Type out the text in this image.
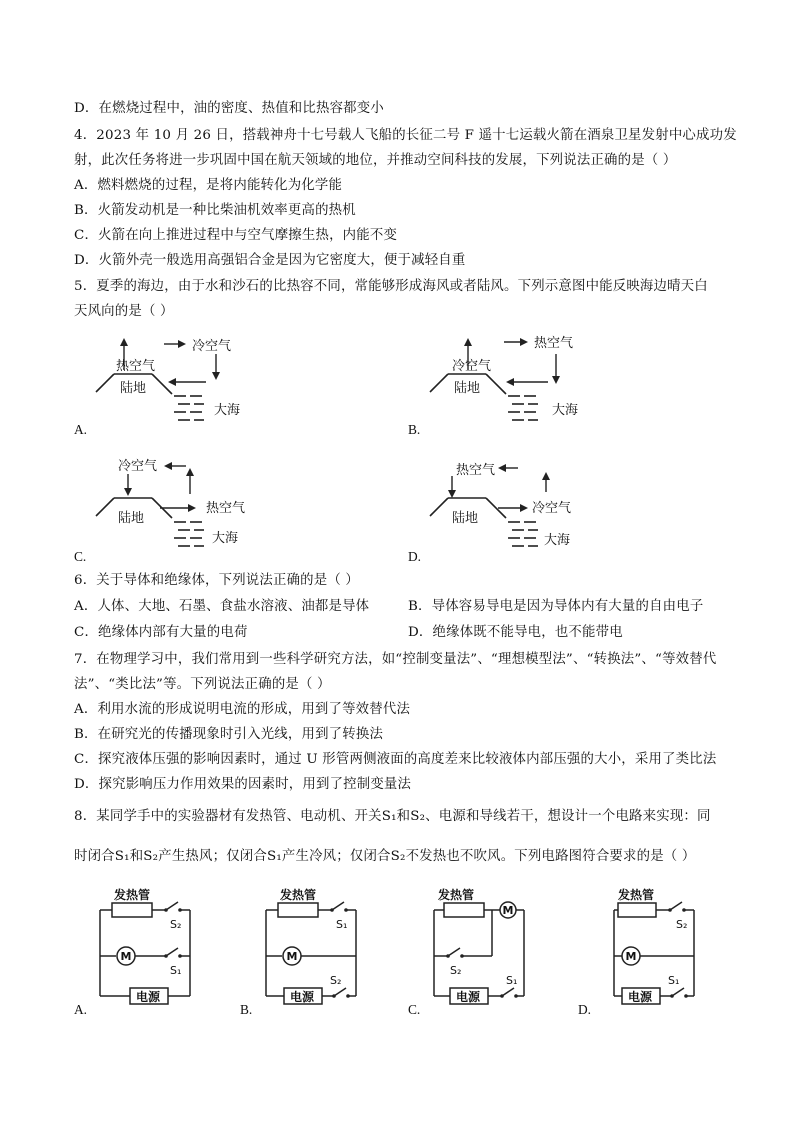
D．在燃烧过程中，油的密度、热值和比热容都变小
4．2023 年 10 月 26 日，搭载神舟十七号载人飞船的长征二号 F 遥十七运载火箭在酒泉卫星发射中心成功发
射，此次任务将进一步巩固中国在航天领域的地位，并推动空间科技的发展，下列说法正确的是（ ）
A．燃料燃烧的过程，是将内能转化为化学能
B．火箭发动机是一种比柴油机效率更高的热机
C．火箭在向上推进过程中与空气摩擦生热，内能不变
D．火箭外壳一般选用高强铝合金是因为它密度大，便于减轻自重
5．夏季的海边，由于水和沙石的比热容不同，常能够形成海风或者陆风。下列示意图中能反映海边晴天白
天风向的是（ ）
A.
冷空气
热空气
陆地
大海
B.
热空气
冷空气
陆地
大海
C.
冷空气
热空气
陆地
大海
D.
热空气
冷空气
陆地
大海
6．关于导体和绝缘体，下列说法正确的是（ ）
A．人体、大地、石墨、食盐水溶液、油都是导体	B．导体容易导电是因为导体内有大量的自由电子
C．绝缘体内部有大量的电荷	D．绝缘体既不能导电，也不能带电
7．在物理学习中，我们常用到一些科学研究方法，如“控制变量法”、“理想模型法”、“转换法”、“等效替代
法”、“类比法”等。下列说法正确的是（ ）
A．利用水流的形成说明电流的形成，用到了等效替代法
B．在研究光的传播现象时引入光线，用到了转换法
C．探究液体压强的影响因素时，通过 U 形管两侧液面的高度差来比较液体内部压强的大小，采用了类比法
D．探究影响压力作用效果的因素时，用到了控制变量法
8．某同学手中的实验器材有发热管、电动机、开关S₁和S₂、电源和导线若干，想设计一个电路来实现：同
时闭合S₁和S₂产生热风；仅闭合S₁产生冷风；仅闭合S₂不发热也不吹风。下列电路图符合要求的是（ ）
A.
发热管
M
S₂
S₁
电源
B.
发热管
M
S₁
S₂
电源
C.
发热管
M
S₂
S₁
电源
D.
发热管
M
S₂
S₁
电源
